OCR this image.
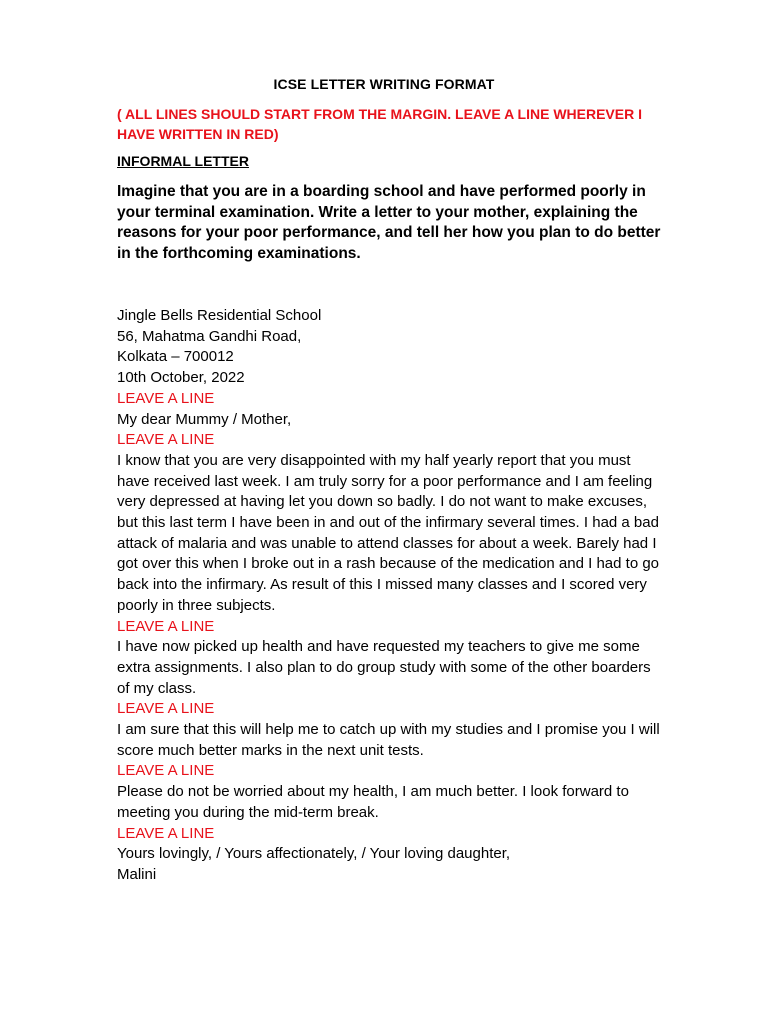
ICSE LETTER WRITING FORMAT
( ALL LINES SHOULD START FROM THE MARGIN. LEAVE A LINE WHEREVER I HAVE WRITTEN IN RED)
INFORMAL LETTER
Imagine that you are in a boarding school and have performed poorly in your terminal examination. Write a letter to your mother, explaining the reasons for your poor performance, and tell her how you plan to do better in the forthcoming examinations.
Jingle Bells Residential School
56, Mahatma Gandhi Road,
Kolkata – 700012
10th October, 2022
LEAVE A LINE
My dear Mummy / Mother,
LEAVE A LINE
I know that you are very disappointed with my half yearly report that you must have received last week. I am truly sorry for a poor performance and I am feeling very depressed at having let you down so badly. I do not want to make excuses, but this last term I have been in and out of the infirmary several times. I had a bad attack of malaria and was unable to attend classes for about a week. Barely had I got over this when I broke out in a rash because of the medication and I had to go back into the infirmary. As result of this I missed many classes and I scored very poorly in three subjects.
LEAVE A LINE
I have now picked up health and have requested my teachers to give me some extra assignments. I also plan to do group study with some of the other boarders of my class.
LEAVE A LINE
I am sure that this will help me to catch up with my studies and I promise you I will score much better marks in the next unit tests.
LEAVE A LINE
Please do not be worried about my health, I am much better. I look forward to meeting you during the mid-term break.
LEAVE A LINE
Yours lovingly, / Yours affectionately, / Your loving daughter,
Malini
